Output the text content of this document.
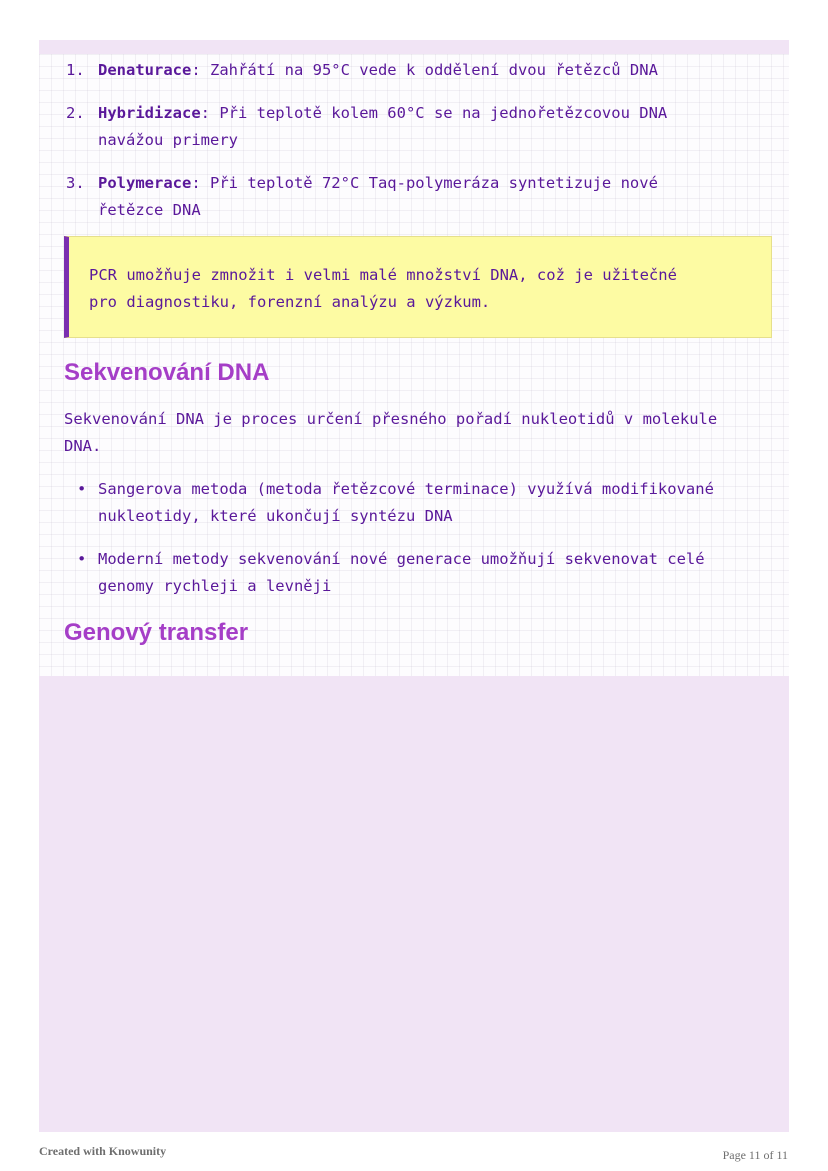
1. Denaturace: Zahřátí na 95°C vede k oddělení dvou řetězců DNA
2. Hybridizace: Při teplotě kolem 60°C se na jednořetězcovou DNA
navážou primery
3. Polymerace: Při teplotě 72°C Taq-polymeráza syntetizuje nové
řetězce DNA
PCR umožňuje zmnožit i velmi malé množství DNA, což je užitečné
pro diagnostiku, forenzní analýzu a výzkum.
Sekvenování DNA
Sekvenování DNA je proces určení přesného pořadí nukleotidů v molekule
DNA.
• Sangerova metoda (metoda řetězcové terminace) využívá modifikované
nukleotidy, které ukončují syntézu DNA
• Moderní metody sekvenování nové generace umožňují sekvenovat celé
genomy rychleji a levněji
Genový transfer
Created with Knowunity	Page 11 of 11
